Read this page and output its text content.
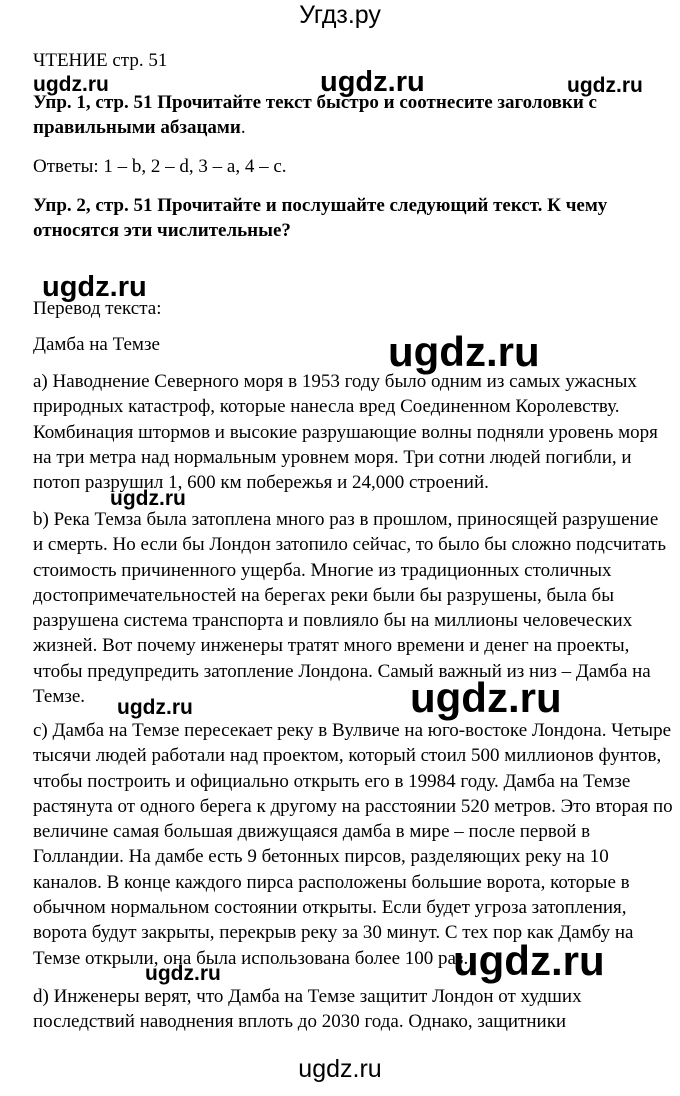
Угдз.ру
ЧТЕНИЕ стр. 51
Упр. 1, стр. 51 Прочитайте текст быстро и соотнесите заголовки с
правильными абзацами.
Ответы: 1 – b, 2 – d, 3 – a, 4 – c.
Упр. 2, стр. 51 Прочитайте и послушайте следующий текст. К чему
относятся эти числительные?
Перевод текста:
Дамба на Темзе
a) Наводнение Северного моря в 1953 году было одним из самых ужасных природных катастроф, которые нанесла вред Соединенном Королевству. Комбинация штормов и высокие разрушающие волны подняли уровень моря на три метра над нормальным уровнем моря. Три сотни людей погибли, и потоп разрушил 1, 600 км побережья и 24,000 строений.
b) Река Темза была затоплена много раз в прошлом, приносящей разрушение и смерть. Но если бы Лондон затопило сейчас, то было бы сложно подсчитать стоимость причиненного ущерба. Многие из традиционных столичных достопримечательностей на берегах реки были бы разрушены, была бы разрушена система транспорта и повлияло бы на миллионы человеческих жизней. Вот почему инженеры тратят много времени и денег на проекты, чтобы предупредить затопление Лондона. Самый важный из низ – Дамба на Темзе.
c) Дамба на Темзе пересекает реку в Вулвиче на юго-востоке Лондона. Четыре тысячи людей работали над проектом, который стоил 500 миллионов фунтов, чтобы построить и официально открыть его в 19984 году. Дамба на Темзе растянута от одного берега к другому на расстоянии 520 метров. Это вторая по величине самая большая движущаяся дамба в мире – после первой в Голландии. На дамбе есть 9 бетонных пирсов, разделяющих реку на 10 каналов. В конце каждого пирса расположены большие ворота, которые в обычном нормальном состоянии открыты. Если будет угроза затопления, ворота будут закрыты, перекрыв реку за 30 минут. С тех пор как Дамбу на Темзе открыли, она была использована более 100 раз.
d) Инженеры верят, что Дамба на Темзе защитит Лондон от худших последствий наводнения вплоть до 2030 года. Однако, защитники
ugdz.ru	ugdz.ru	ugdz.ru
ugdz.ru
ugdz.ru
ugdz.ru
ugdz.ru
ugdz.ru
ugdz.ru
ugdz.ru
ugdz.ru
